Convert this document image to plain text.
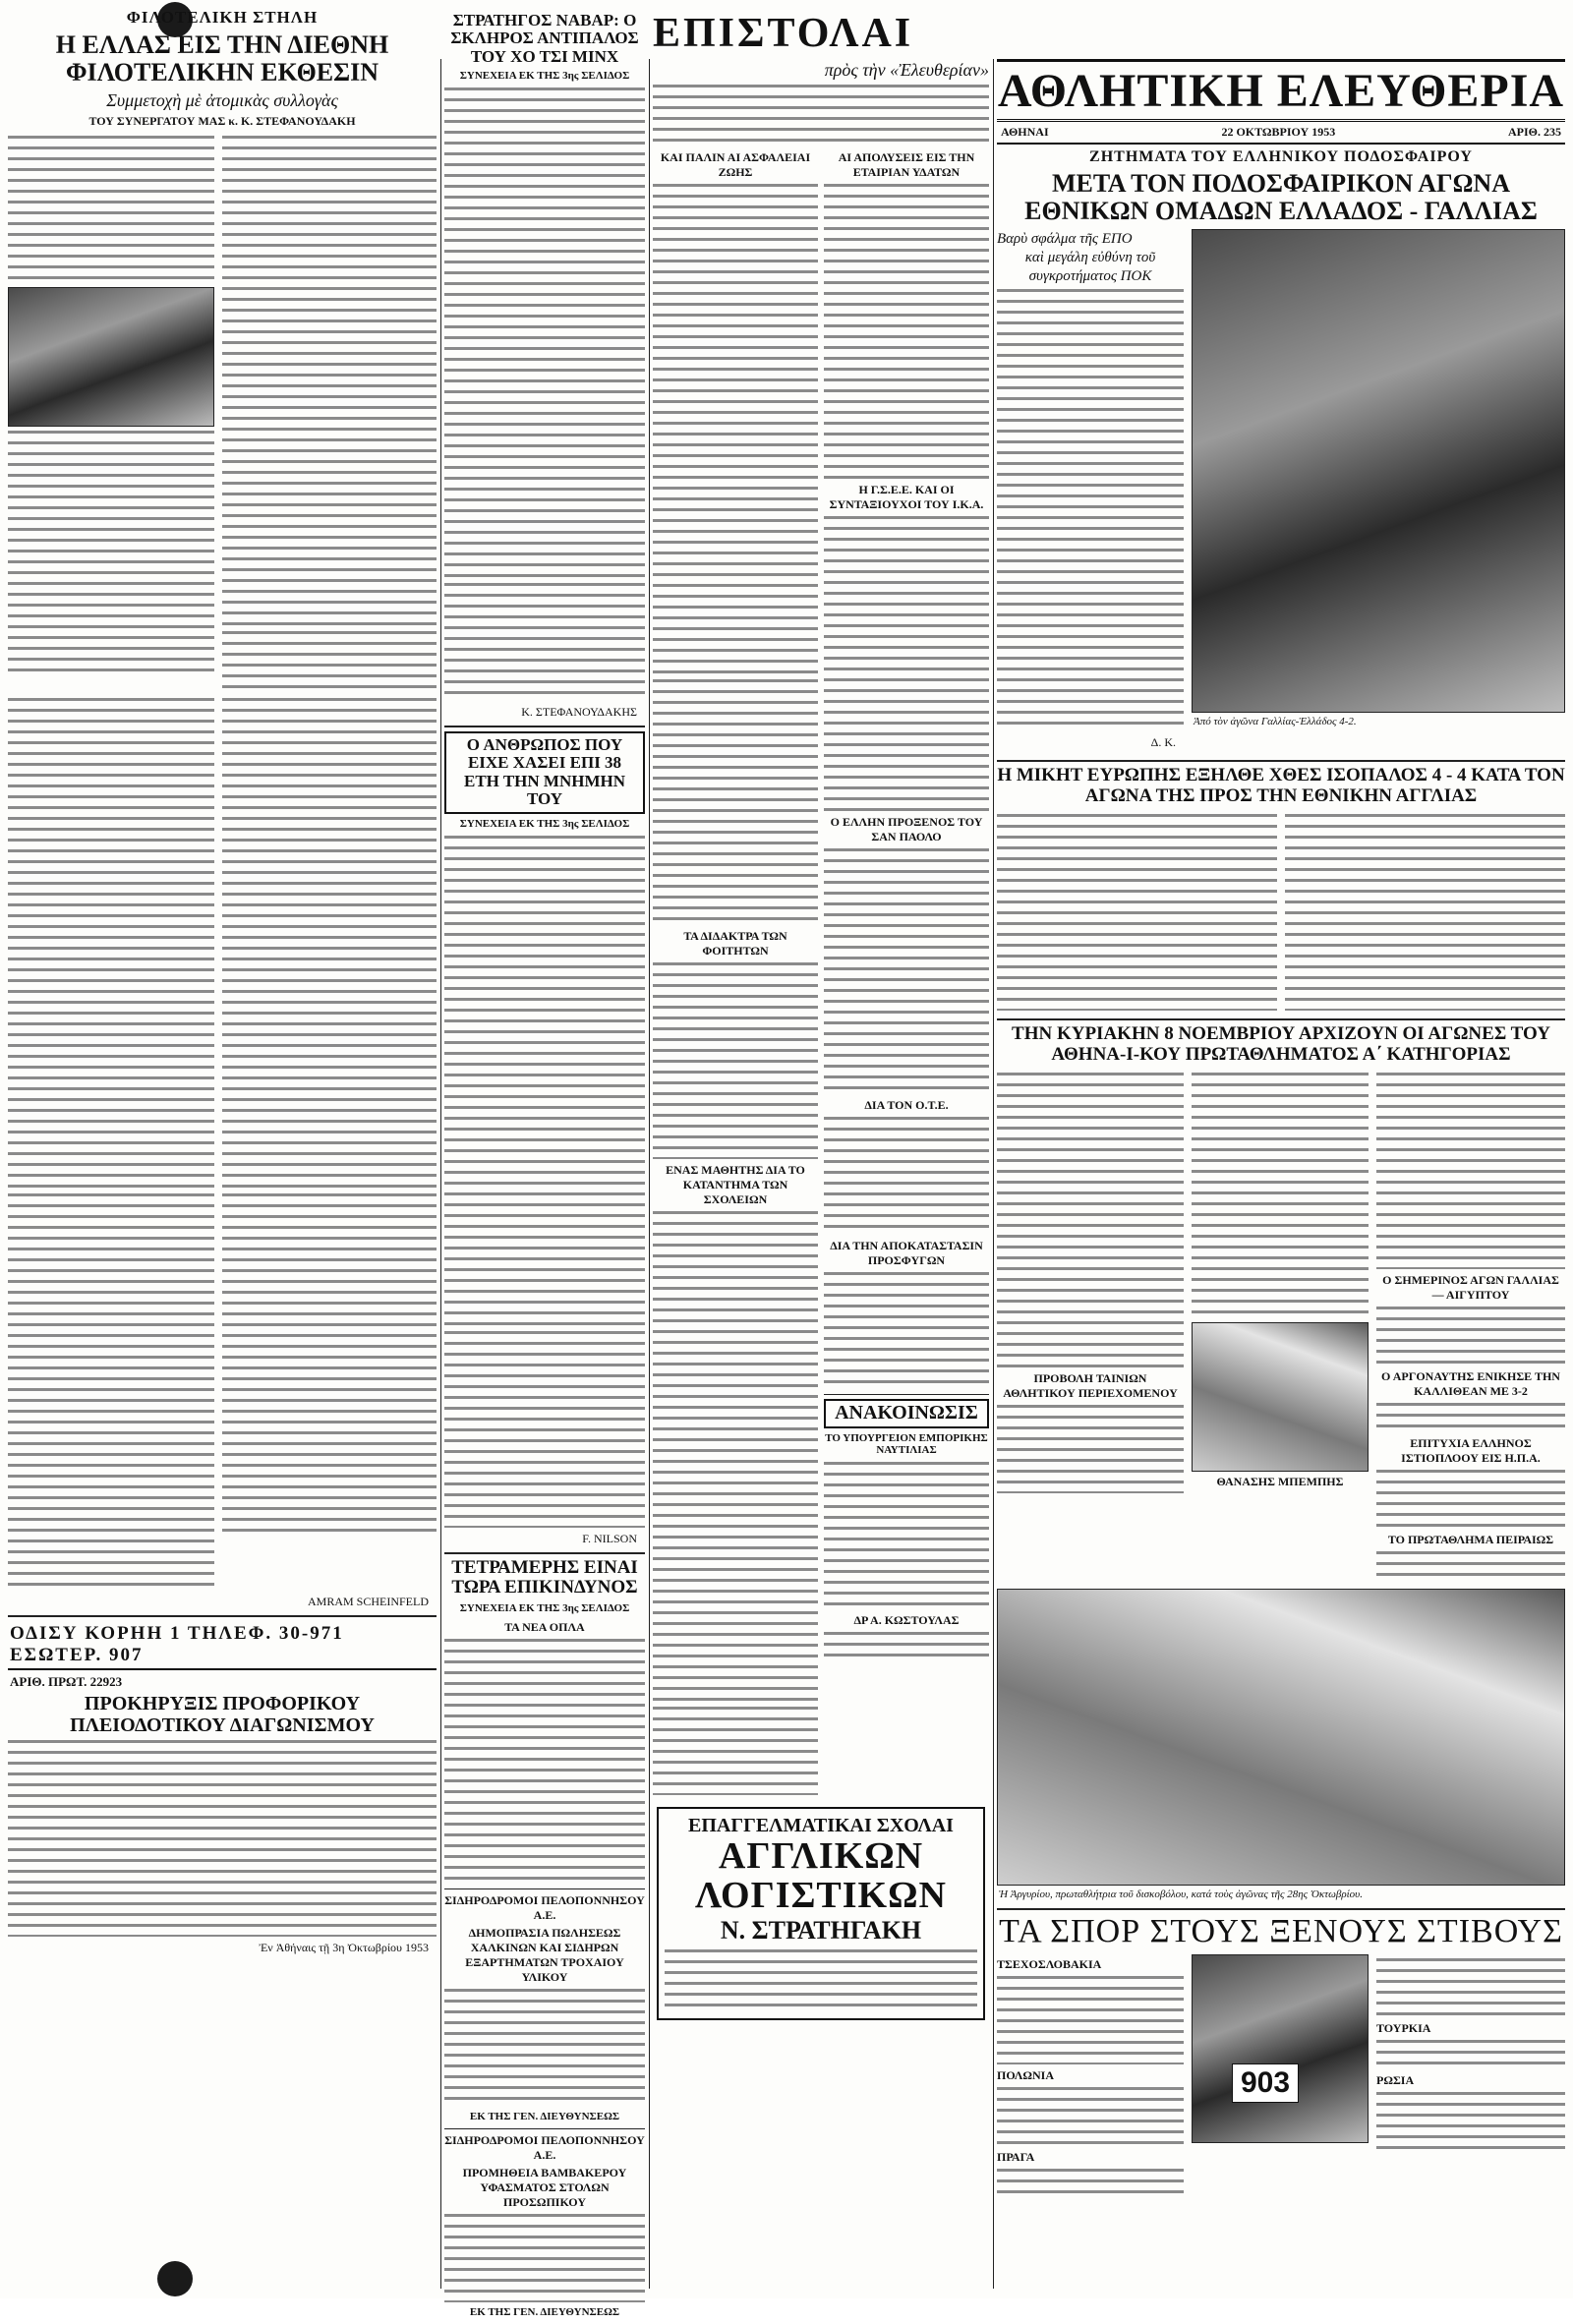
ΦΙΛΟΤΕΛΙΚΗ ΣΤΗΛΗ
Η ΕΛΛΑΣ ΕΙΣ ΤΗΝ ΔΙΕΘΝΗ ΦΙΛΟΤΕΛΙΚΗΝ ΕΚΘΕΣΙΝ
Συμμετοχὴ μὲ ἀτομικὰς συλλογὰς
ΤΟΥ ΣΥΝΕΡΓΑΤΟΥ ΜΑΣ κ. Κ. ΣΤΕΦΑΝΟΥΔΑΚΗ
AMRAM SCHEINFELD
ΟΔΙΣΥ ΚΟΡΗΗ 1 ΤΗΛΕΦ. 30-971 ΕΣΩΤΕΡ. 907
ΑΡΙΘ. ΠΡΩΤ. 22923
ΠΡΟΚΗΡΥΞΙΣ ΠΡΟΦΟΡΙΚΟΥ ΠΛΕΙΟΔΟΤΙΚΟΥ ΔΙΑΓΩΝΙΣΜΟΥ
Ἐν Ἀθήναις τῇ 3η Ὀκτωβρίου 1953
ΣΤΡΑΤΗΓΟΣ ΝΑΒΑΡ: Ο ΣΚΛΗΡΟΣ ΑΝΤΙΠΑΛΟΣ ΤΟΥ ΧΟ ΤΣΙ ΜΙΝΧ
ΣΥΝΕΧΕΙΑ ΕΚ ΤΗΣ 3ης ΣΕΛΙΔΟΣ
Κ. ΣΤΕΦΑΝΟΥΔΑΚΗΣ
Ο ΑΝΘΡΩΠΟΣ ΠΟΥ ΕΙΧΕ ΧΑΣΕΙ ΕΠΙ 38 ΕΤΗ ΤΗΝ ΜΝΗΜΗΝ ΤΟΥ
ΣΥΝΕΧΕΙΑ ΕΚ ΤΗΣ 3ης ΣΕΛΙΔΟΣ
F. NILSON
ΤΕΤΡΑΜΕΡΗΣ ΕΙΝΑΙ ΤΩΡΑ ΕΠΙΚΙΝΔΥΝΟΣ
ΣΥΝΕΧΕΙΑ ΕΚ ΤΗΣ 3ης ΣΕΛΙΔΟΣ
ΤΑ ΝΕΑ ΟΠΛΑ
ΣΙΔΗΡΟΔΡΟΜΟΙ ΠΕΛΟΠΟΝΝΗΣΟΥ Α.Ε.
ΔΗΜΟΠΡΑΣΙΑ ΠΩΛΗΣΕΩΣ ΧΑΛΚΙΝΩΝ ΚΑΙ ΣΙΔΗΡΩΝ ΕΞΑΡΤΗΜΑΤΩΝ ΤΡΟΧΑΙΟΥ ΥΛΙΚΟΥ
ΕΚ ΤΗΣ ΓΕΝ. ΔΙΕΥΘΥΝΣΕΩΣ
ΣΙΔΗΡΟΔΡΟΜΟΙ ΠΕΛΟΠΟΝΝΗΣΟΥ Α.Ε.
ΠΡΟΜΗΘΕΙΑ ΒΑΜΒΑΚΕΡΟΥ ΥΦΑΣΜΑΤΟΣ ΣΤΟΛΩΝ ΠΡΟΣΩΠΙΚΟΥ
ΕΚ ΤΗΣ ΓΕΝ. ΔΙΕΥΘΥΝΣΕΩΣ
ΕΠΙΣΤΟΛΑΙ
πρὸς τὴν «Ἐλευθερίαν»
ΚΑΙ ΠΑΛΙΝ ΑΙ ΑΣΦΑΛΕΙΑΙ ΖΩΗΣ
ΤΑ ΔΙΔΑΚΤΡΑ ΤΩΝ ΦΟΙΤΗΤΩΝ
ΕΝΑΣ ΜΑΘΗΤΗΣ ΔΙΑ ΤΟ ΚΑΤΑΝΤΗΜΑ ΤΩΝ ΣΧΟΛΕΙΩΝ
ΑΙ ΑΠΟΛΥΣΕΙΣ ΕΙΣ ΤΗΝ ΕΤΑΙΡΙΑΝ ΥΔΑΤΩΝ
Η Γ.Σ.Ε.Ε. ΚΑΙ ΟΙ ΣΥΝΤΑΞΙΟΥΧΟΙ ΤΟΥ Ι.Κ.Α.
Ο ΕΛΛΗΝ ΠΡΟΞΕΝΟΣ ΤΟΥ ΣΑΝ ΠΑΟΛΟ
ΔΙΑ ΤΟΝ Ο.Τ.Ε.
ΔΙΑ ΤΗΝ ΑΠΟΚΑΤΑΣΤΑΣΙΝ ΠΡΟΣΦΥΓΩΝ
ΑΝΑΚΟΙΝΩΣΙΣ
ΤΟ ΥΠΟΥΡΓΕΙΟΝ ΕΜΠΟΡΙΚΗΣ ΝΑΥΤΙΛΙΑΣ
ΔΡ Α. ΚΩΣΤΟΥΛΑΣ
ΕΠΑΓΓΕΛΜΑΤΙΚΑΙ ΣΧΟΛΑΙ
ΑΓΓΛΙΚΩΝ ΛΟΓΙΣΤΙΚΩΝ
Ν. ΣΤΡΑΤΗΓΑΚΗ
ΑΘΛΗΤΙΚΗ ΕΛΕΥΘΕΡΙΑ
ΑΘΗΝΑΙ	22 ΟΚΤΩΒΡΙΟΥ 1953	ΑΡΙΘ. 235
ΖΗΤΗΜΑΤΑ ΤΟΥ ΕΛΛΗΝΙΚΟΥ ΠΟΔΟΣΦΑΙΡΟΥ
ΜΕΤΑ ΤΟΝ ΠΟΔΟΣΦΑΙΡΙΚΟΝ ΑΓΩΝΑ ΕΘΝΙΚΩΝ ΟΜΑΔΩΝ ΕΛΛΑΔΟΣ - ΓΑΛΛΙΑΣ
Βαρὺ σφάλμα τῆς ΕΠΟ
καὶ μεγάλη εὐθύνη τοῦ
συγκροτήματος ΠΟΚ
Δ. Κ.
Ἀπό τὸν ἀγῶνα Γαλλίας-Ἑλλάδος 4-2.
Η ΜΙΚΗΤ ΕΥΡΩΠΗΣ ΕΞΗΛΘΕ ΧΘΕΣ ΙΣΟΠΑΛΟΣ 4 - 4 ΚΑΤΑ ΤΟΝ ΑΓΩΝΑ ΤΗΣ ΠΡΟΣ ΤΗΝ ΕΘΝΙΚΗΝ ΑΓΓΛΙΑΣ
ΤΗΝ ΚΥΡΙΑΚΗΝ 8 ΝΟΕΜΒΡΙΟΥ ΑΡΧΙΖΟΥΝ ΟΙ ΑΓΩΝΕΣ ΤΟΥ ΑΘΗΝΑ-Ι-ΚΟΥ ΠΡΩΤΑΘΛΗΜΑΤΟΣ Α΄ ΚΑΤΗΓΟΡΙΑΣ
ΠΡΟΒΟΛΗ ΤΑΙΝΙΩΝ ΑΘΛΗΤΙΚΟΥ ΠΕΡΙΕΧΟΜΕΝΟΥ
ΘΑΝΑΣΗΣ ΜΠΕΜΠΗΣ
Ο ΣΗΜΕΡΙΝΟΣ ΑΓΩΝ ΓΑΛΛΙΑΣ — ΑΙΓΥΠΤΟΥ
Ο ΑΡΓΟΝΑΥΤΗΣ ΕΝΙΚΗΣΕ ΤΗΝ ΚΑΛΛΙΘΕΑΝ ΜΕ 3-2
ΕΠΙΤΥΧΙΑ ΕΛΛΗΝΟΣ ΙΣΤΙΟΠΛΟΟΥ ΕΙΣ Η.Π.Α.
ΤΟ ΠΡΩΤΑΘΛΗΜΑ ΠΕΙΡΑΙΩΣ
Ἡ Ἀργυρίου, πρωταθλήτρια τοῦ δισκοβόλου, κατά τοὺς ἀγῶνας τῆς 28ης Ὀκτωβρίου.
ΤΑ ΣΠΟΡ ΣΤΟΥΣ ΞΕΝΟΥΣ ΣΤΙΒΟΥΣ
ΤΣΕΧΟΣΛΟΒΑΚΙΑ
ΠΟΛΩΝΙΑ
ΠΡΑΓΑ
903
ΤΟΥΡΚΙΑ
ΡΩΣΙΑ
